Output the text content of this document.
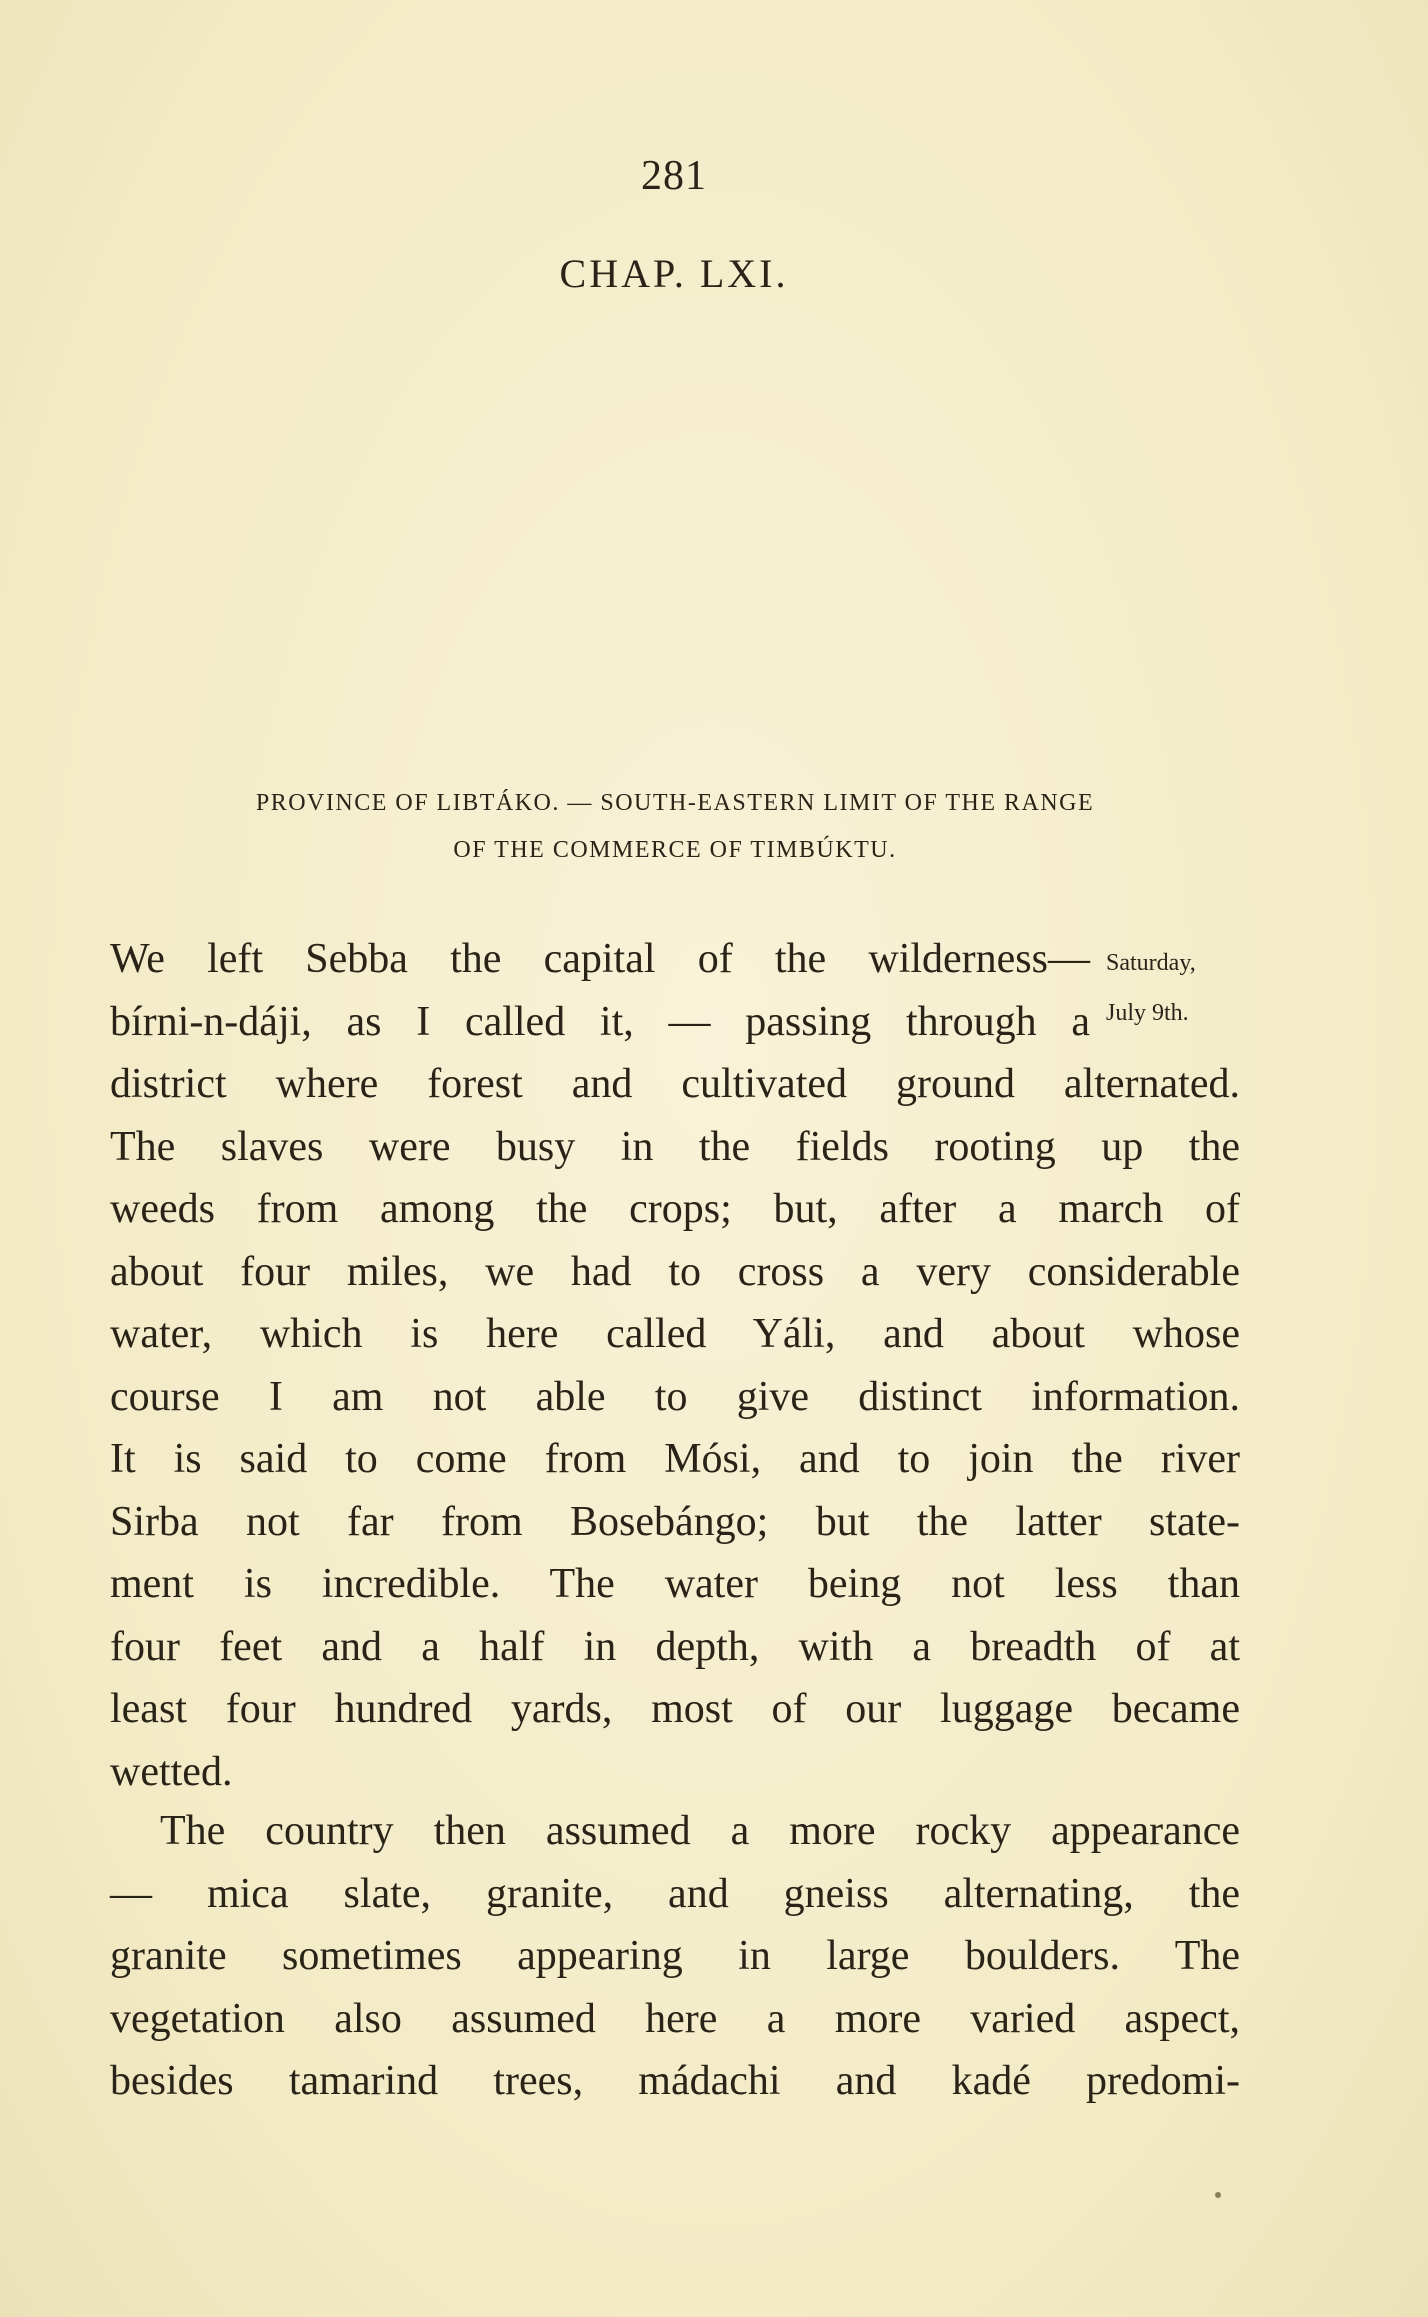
281
CHAP. LXI.
PROVINCE OF LIBTÁKO. — SOUTH-EASTERN LIMIT OF THE RANGE
OF THE COMMERCE OF TIMBÚKTU.
Saturday,
July 9th.
We left Sebba the capital of the wilderness—
bírni-n-dáji, as I called it, — passing through a
district where forest and cultivated ground alternated.
The slaves were busy in the fields rooting up the
weeds from among the crops; but, after a march of
about four miles, we had to cross a very considerable
water, which is here called Yáli, and about whose
course I am not able to give distinct information.
It is said to come from Mósi, and to join the river
Sirba not far from Bosebángo; but the latter state-
ment is incredible. The water being not less than
four feet and a half in depth, with a breadth of at
least four hundred yards, most of our luggage became
wetted.
The country then assumed a more rocky appearance
— mica slate, granite, and gneiss alternating, the
granite sometimes appearing in large boulders. The
vegetation also assumed here a more varied aspect,
besides tamarind trees, mádachi and kadé predomi-
